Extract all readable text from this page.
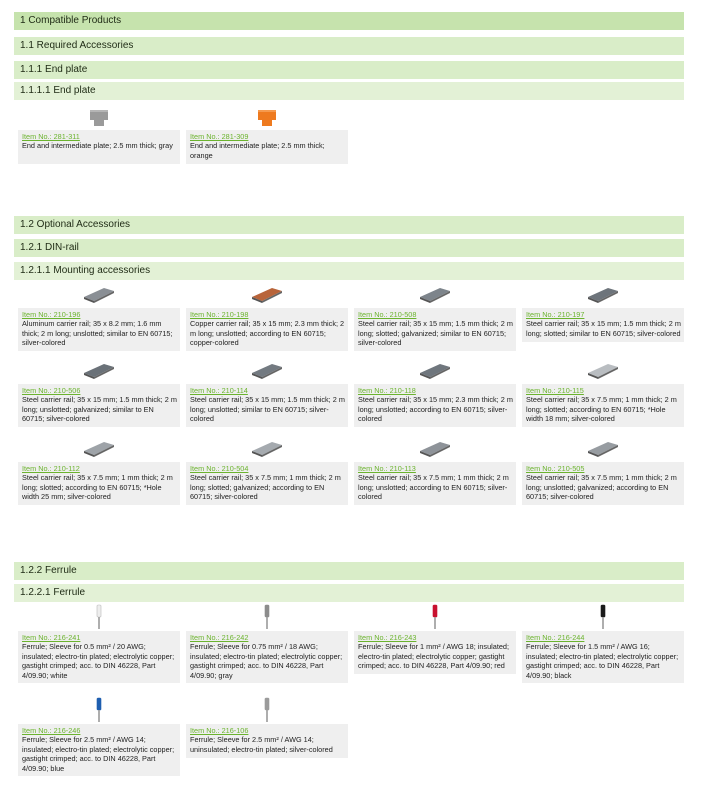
1 Compatible Products
1.1 Required Accessories
1.1.1 End plate
1.1.1.1 End plate
Item No.: 281-311
End and intermediate plate; 2.5 mm thick; gray
Item No.: 281-309
End and intermediate plate; 2.5 mm thick; orange
1.2 Optional Accessories
1.2.1 DIN-rail
1.2.1.1 Mounting accessories
Item No.: 210-196
Aluminum carrier rail; 35 x 8.2 mm; 1.6 mm thick; 2 m long; unslotted; similar to EN 60715; silver-colored
Item No.: 210-198
Copper carrier rail; 35 x 15 mm; 2.3 mm thick; 2 m long; unslotted; according to EN 60715; copper-colored
Item No.: 210-508
Steel carrier rail; 35 x 15 mm; 1.5 mm thick; 2 m long; slotted; galvanized; similar to EN 60715; silver-colored
Item No.: 210-197
Steel carrier rail; 35 x 15 mm; 1.5 mm thick; 2 m long; slotted; similar to EN 60715; silver-colored
Item No.: 210-506
Steel carrier rail; 35 x 15 mm; 1.5 mm thick; 2 m long; unslotted; galvanized; similar to EN 60715; silver-colored
Item No.: 210-114
Steel carrier rail; 35 x 15 mm; 1.5 mm thick; 2 m long; unslotted; similar to EN 60715; silver-colored
Item No.: 210-118
Steel carrier rail; 35 x 15 mm; 2.3 mm thick; 2 m long; unslotted; according to EN 60715; silver-colored
Item No.: 210-115
Steel carrier rail; 35 x 7.5 mm; 1 mm thick; 2 m long; slotted; according to EN 60715; *Hole width 18 mm; silver-colored
Item No.: 210-112
Steel carrier rail; 35 x 7.5 mm; 1 mm thick; 2 m long; slotted; according to EN 60715; *Hole width 25 mm; silver-colored
Item No.: 210-504
Steel carrier rail; 35 x 7.5 mm; 1 mm thick; 2 m long; slotted; galvanized; according to EN 60715; silver-colored
Item No.: 210-113
Steel carrier rail; 35 x 7.5 mm; 1 mm thick; 2 m long; unslotted; according to EN 60715; silver-colored
Item No.: 210-505
Steel carrier rail; 35 x 7.5 mm; 1 mm thick; 2 m long; unslotted; galvanized; according to EN 60715; silver-colored
1.2.2 Ferrule
1.2.2.1 Ferrule
Item No.: 216-241
Ferrule; Sleeve for 0.5 mm² / 20 AWG; insulated; electro-tin plated; electrolytic copper; gastight crimped; acc. to DIN 46228, Part 4/09.90; white
Item No.: 216-242
Ferrule; Sleeve for 0.75 mm² / 18 AWG; insulated; electro-tin plated; electrolytic copper; gastight crimped; acc. to DIN 46228, Part 4/09.90; gray
Item No.: 216-243
Ferrule; Sleeve for 1 mm² / AWG 18; insulated; electro-tin plated; electrolytic copper; gastight crimped; acc. to DIN 46228, Part 4/09.90; red
Item No.: 216-244
Ferrule; Sleeve for 1.5 mm² / AWG 16; insulated; electro-tin plated; electrolytic copper; gastight crimped; acc. to DIN 46228, Part 4/09.90; black
Item No.: 216-246
Ferrule; Sleeve for 2.5 mm² / AWG 14; insulated; electro-tin plated; electrolytic copper; gastight crimped; acc. to DIN 46228, Part 4/09.90; blue
Item No.: 216-106
Ferrule; Sleeve for 2.5 mm² / AWG 14; uninsulated; electro-tin plated; silver-colored
